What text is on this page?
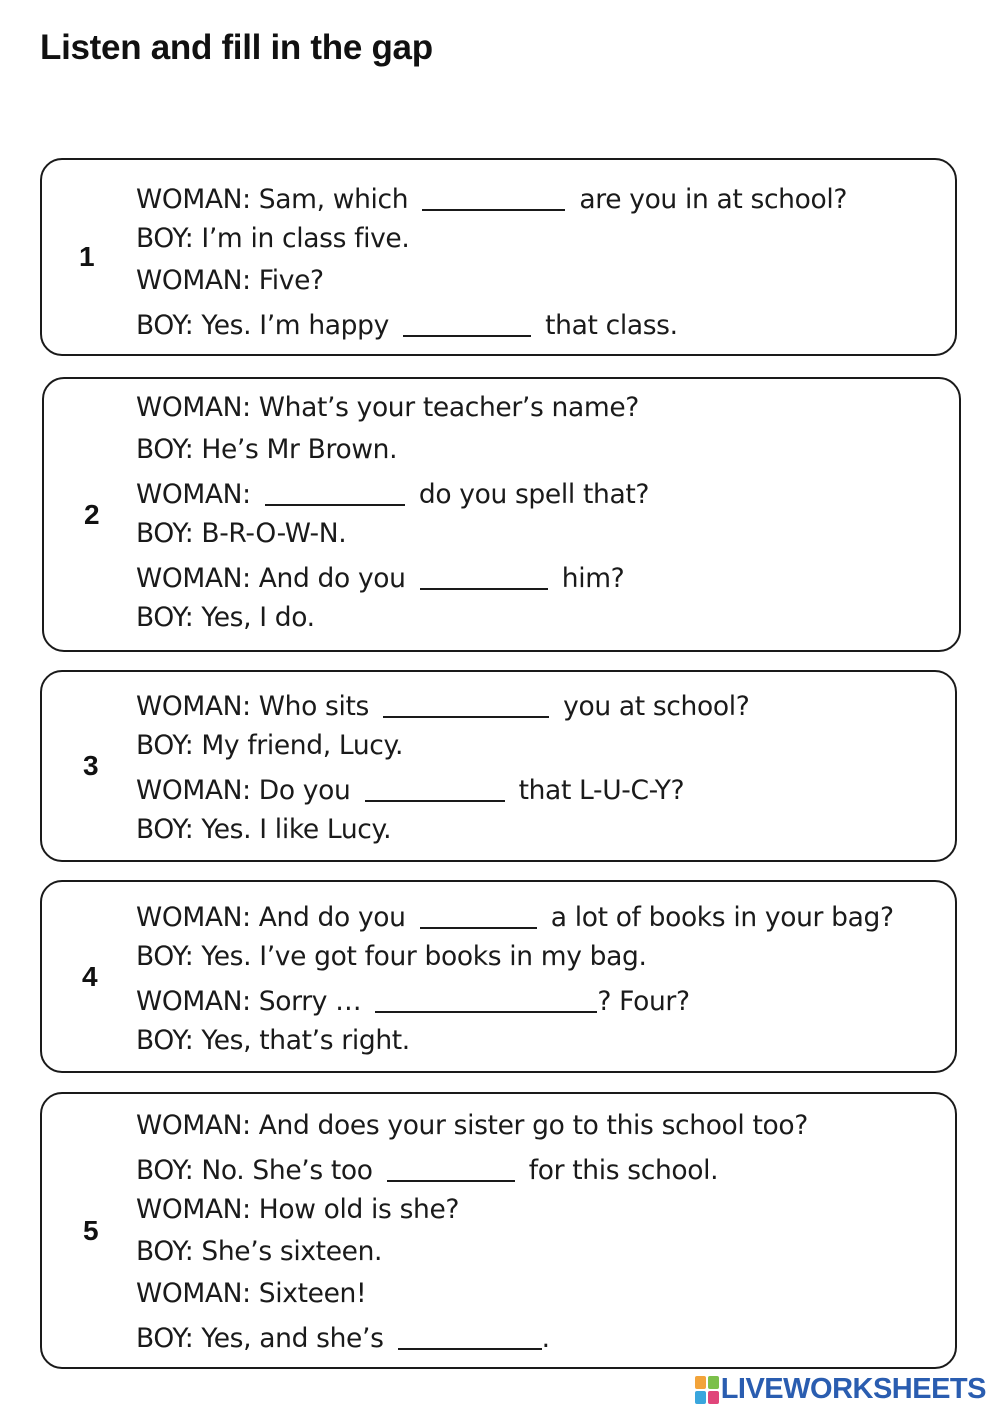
Listen and fill in the gap
1
WOMAN: Sam, which	are you in at school?
BOY: I’m in class five.
WOMAN: Five?
BOY: Yes. I’m happy	that class.
2
WOMAN: What’s your teacher’s name?
BOY: He’s Mr Brown.
WOMAN:	do you spell that?
BOY: B-R-O-W-N.
WOMAN: And do you	him?
BOY: Yes, I do.
3
WOMAN: Who sits	you at school?
BOY: My friend, Lucy.
WOMAN: Do you	that L-U-C-Y?
BOY: Yes. I like Lucy.
4
WOMAN: And do you	a lot of books in your bag?
BOY: Yes. I’ve got four books in my bag.
WOMAN: Sorry …	? Four?
BOY: Yes, that’s right.
5
WOMAN: And does your sister go to this school too?
BOY: No. She’s too	for this school.
WOMAN: How old is she?
BOY: She’s sixteen.
WOMAN: Sixteen!
BOY: Yes, and she’s	.
LIVEWORKSHEETS
